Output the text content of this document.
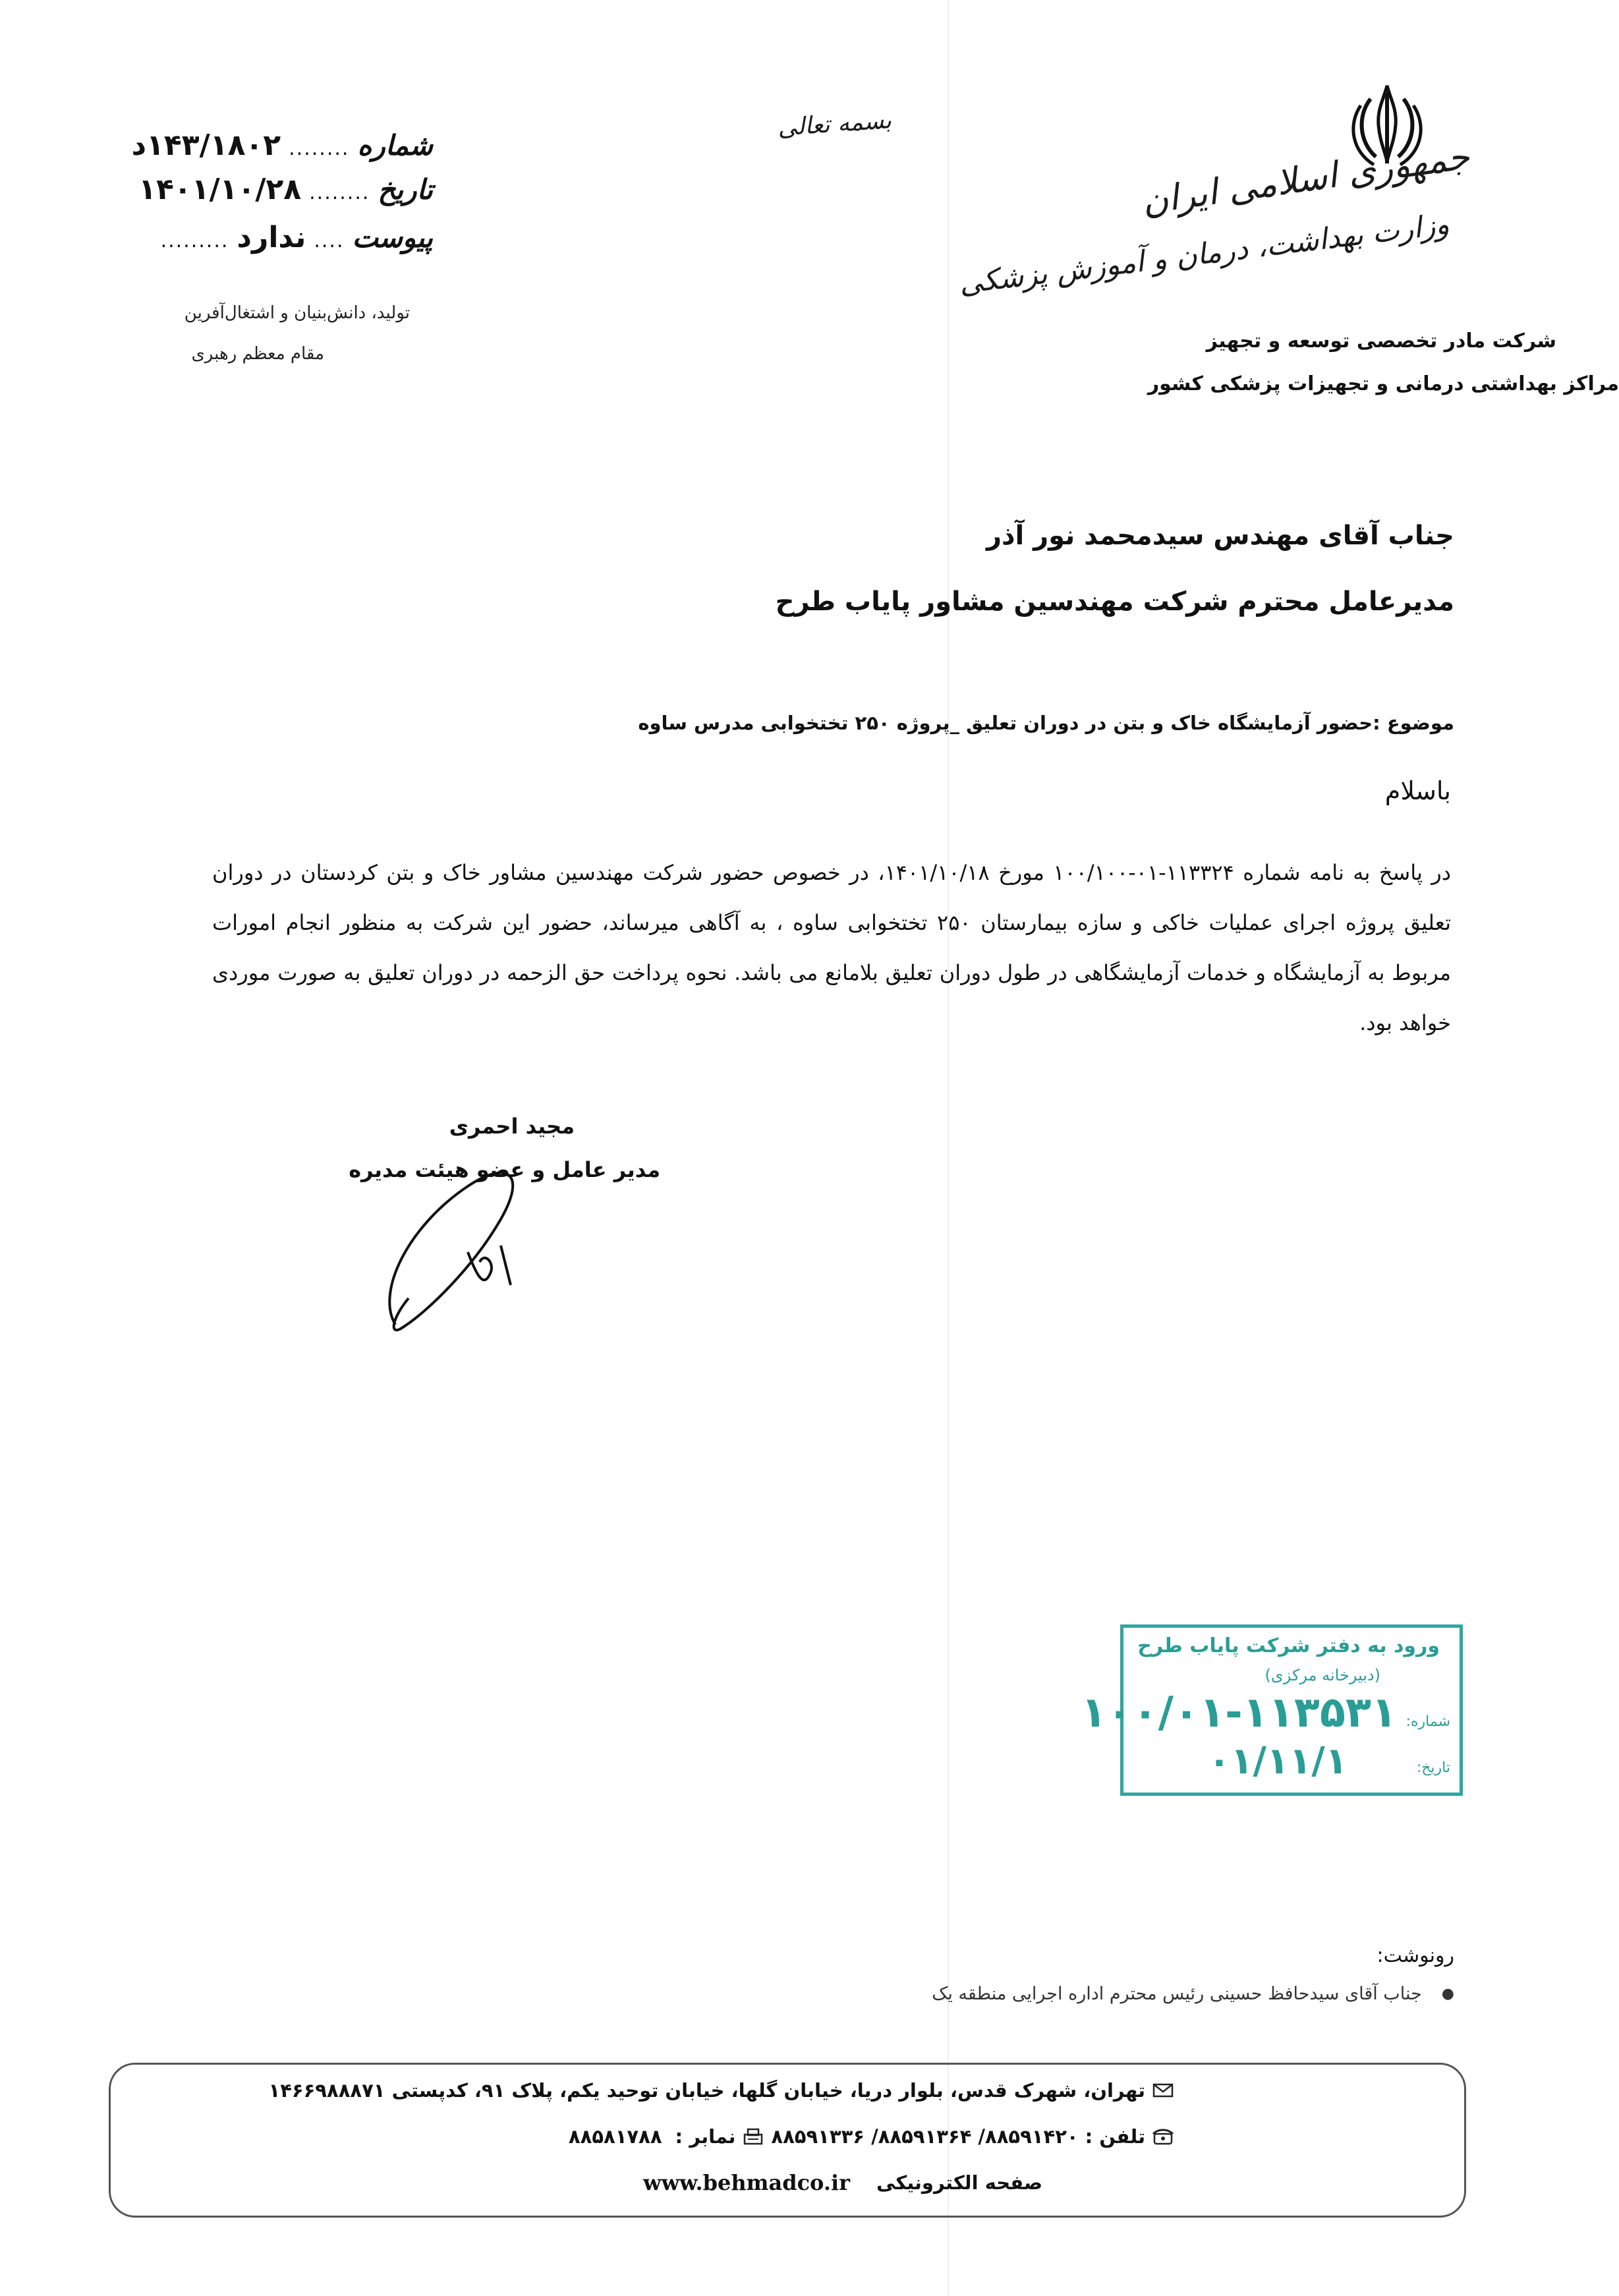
بسمه تعالی
جمهوری اسلامی ایران
وزارت بهداشت، درمان و آموزش پزشکی
شرکت مادر تخصصی توسعه و تجهیز
مراکز بهداشتی درمانی و تجهیزات پزشکی کشور
شماره
........
۱۴۳/۱۸۰۲د
تاریخ
........
۱۴۰۱/۱۰/۲۸
پیوست
....
ندارد
.........
تولید، دانش‌بنیان و اشتغال‌آفرین
مقام معظم رهبری
جناب آقای مهندس سیدمحمد نور آذر
مدیرعامل محترم شرکت مهندسین مشاور پایاب طرح
موضوع :حضور آزمایشگاه خاک و بتن در دوران تعلیق _پروژه ۲۵۰ تختخوابی مدرس ساوه
باسلام
در پاسخ به نامه شماره ۱۱۳۳۲۴-۰۱-۱۰۰/۱۰۰ مورخ ۱۴۰۱/۱۰/۱۸، در خصوص حضور شرکت مهندسین مشاور خاک و بتن کردستان در دوران تعلیق پروژه اجرای عملیات خاکی و سازه بیمارستان ۲۵۰ تختخوابی ساوه ، به آگاهی میرساند، حضور این شرکت به منظور انجام امورات مربوط به آزمایشگاه و خدمات آزمایشگاهی در طول دوران تعلیق بلامانع می باشد. نحوه پرداخت حق الزحمه در دوران تعلیق به صورت موردی خواهد بود.
مجید احمری
مدیر عامل و عضو هیئت مدیره
ورود به دفتر شرکت پایاب طرح
(دبیرخانه مرکزی)
شماره:
۱۰۰/۰۱-۱۱۳۵۳۱
تاریخ:
۰۱/۱۱/۱
رونوشت:
●
جناب آقای سیدحافظ حسینی رئیس محترم اداره اجرایی منطقه یک
تهران، شهرک قدس، بلوار دریا، خیابان گلها، خیابان توحید یکم، پلاک ۹۱، کدپستی ۱۴۶۶۹۸۸۸۷۱
تلفن :
۸۸۵۹۱۴۲۰/ ۸۸۵۹۱۳۶۴/ ۸۸۵۹۱۳۳۶
نمابر :
۸۸۵۸۱۷۸۸
صفحه الکترونیکی
www.behmadco.ir
